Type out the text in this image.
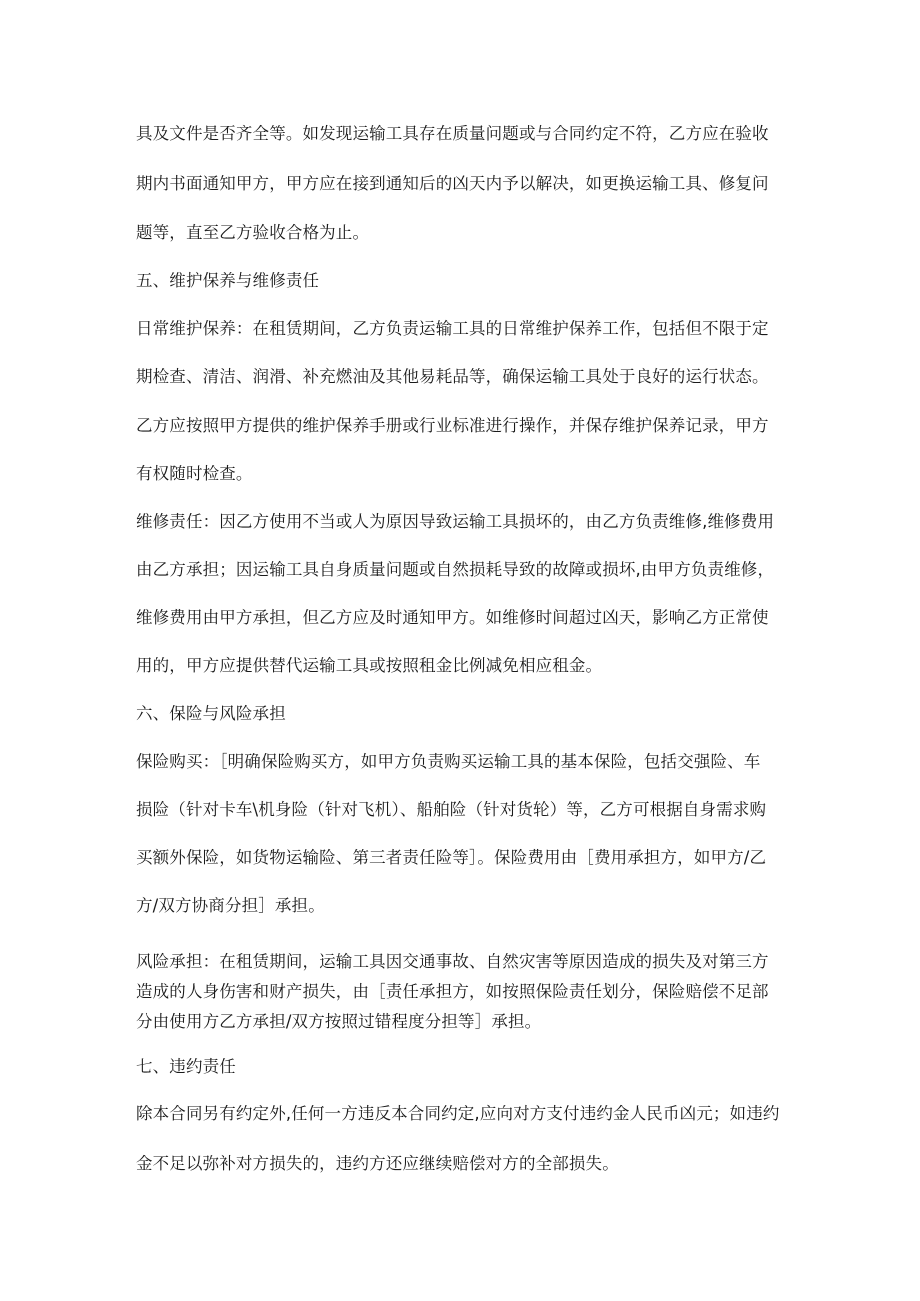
具及文件是否齐全等。如发现运输工具存在质量问题或与合同约定不符，乙方应在验收
期内书面通知甲方，甲方应在接到通知后的凶天内予以解决，如更换运输工具、修复问
题等，直至乙方验收合格为止。
五、维护保养与维修责任
日常维护保养：在租赁期间，乙方负责运输工具的日常维护保养工作，包括但不限于定
期检查、清洁、润滑、补充燃油及其他易耗品等，确保运输工具处于良好的运行状态。
乙方应按照甲方提供的维护保养手册或行业标准进行操作，并保存维护保养记录，甲方
有权随时检查。
维修责任：因乙方使用不当或人为原因导致运输工具损坏的，由乙方负责维修,维修费用
由乙方承担；因运输工具自身质量问题或自然损耗导致的故障或损坏,由甲方负责维修，
维修费用由甲方承担，但乙方应及时通知甲方。如维修时间超过凶天，影响乙方正常使
用的，甲方应提供替代运输工具或按照租金比例减免相应租金。
六、保险与风险承担
保险购买：［明确保险购买方，如甲方负责购买运输工具的基本保险，包括交强险、车
损险（针对卡车\机身险（针对飞机）、船舶险（针对货轮）等，乙方可根据自身需求购
买额外保险，如货物运输险、第三者责任险等］。保险费用由［费用承担方，如甲方/乙
方/双方协商分担］承担。
风险承担：在租赁期间，运输工具因交通事故、自然灾害等原因造成的损失及对第三方
造成的人身伤害和财产损失，由［责任承担方，如按照保险责任划分，保险赔偿不足部
分由使用方乙方承担/双方按照过错程度分担等］承担。
七、违约责任
除本合同另有约定外,任何一方违反本合同约定,应向对方支付违约金人民币凶元；如违约
金不足以弥补对方损失的，违约方还应继续赔偿对方的全部损失。
